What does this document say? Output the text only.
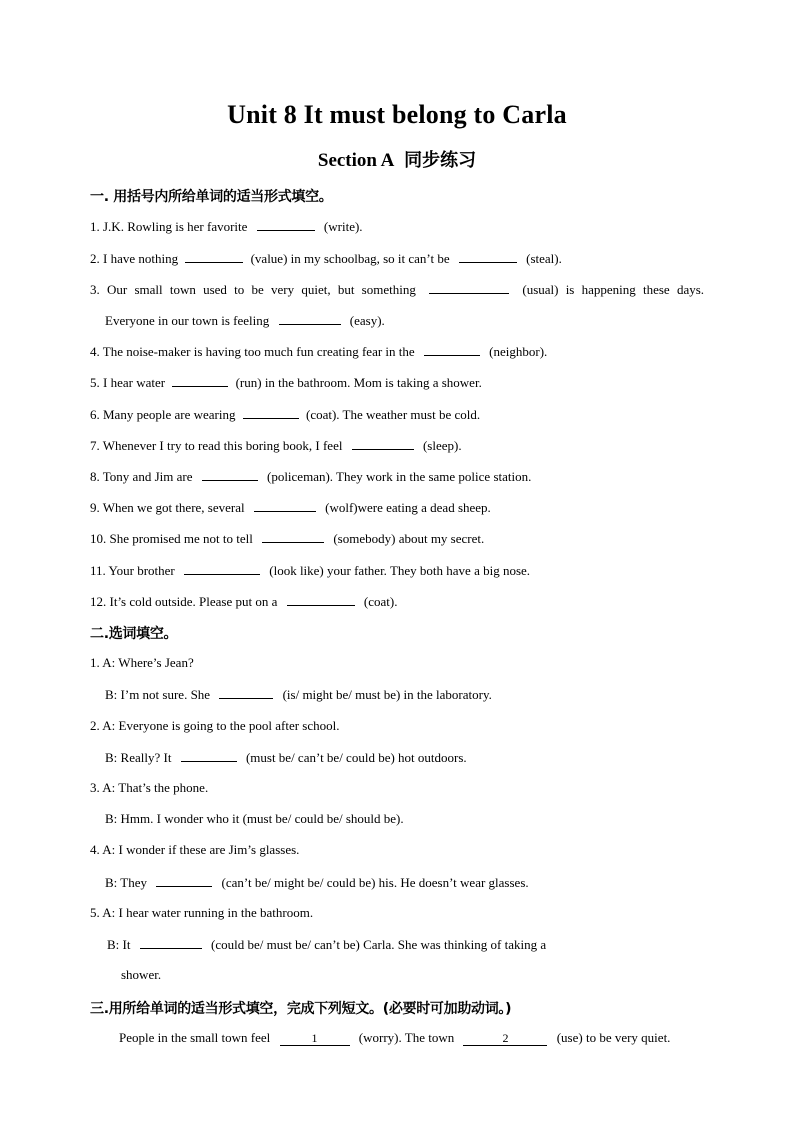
Unit 8 It must belong to Carla
Section A 同步练习
一. 用括号内所给单词的适当形式填空。
1. J.K. Rowling is her favorite	(write).
2. I have nothing	(value) in my schoolbag, so it can’t be	(steal).
3. Our small town used to be very quiet, but something	(usual) is happening these days.
Everyone in our town is feeling	(easy).
4. The noise-maker is having too much fun creating fear in the	(neighbor).
5. I hear water	(run) in the bathroom. Mom is taking a shower.
6. Many people are wearing	(coat). The weather must be cold.
7. Whenever I try to read this boring book, I feel	(sleep).
8. Tony and Jim are	(policeman). They work in the same police station.
9. When we got there, several	(wolf)were eating a dead sheep.
10. She promised me not to tell	(somebody) about my secret.
11. Your brother	(look like) your father. They both have a big nose.
12. It’s cold outside. Please put on a	(coat).
二.选词填空。
1. A: Where’s Jean?
B: I’m not sure. She	(is/ might be/ must be) in the laboratory.
2. A: Everyone is going to the pool after school.
B: Really? It	(must be/ can’t be/ could be) hot outdoors.
3. A: That’s the phone.
B: Hmm. I wonder who it (must be/ could be/ should be).
4. A: I wonder if these are Jim’s glasses.
B: They	(can’t be/ might be/ could be) his. He doesn’t wear glasses.
5. A: I hear water running in the bathroom.
B: It	(could be/ must be/ can’t be) Carla. She was thinking of taking a
shower.
三.用所给单词的适当形式填空，完成下列短文。(必要时可加助动词。)
People in the small town feel	1	(worry). The town	2	(use) to be very quiet.
